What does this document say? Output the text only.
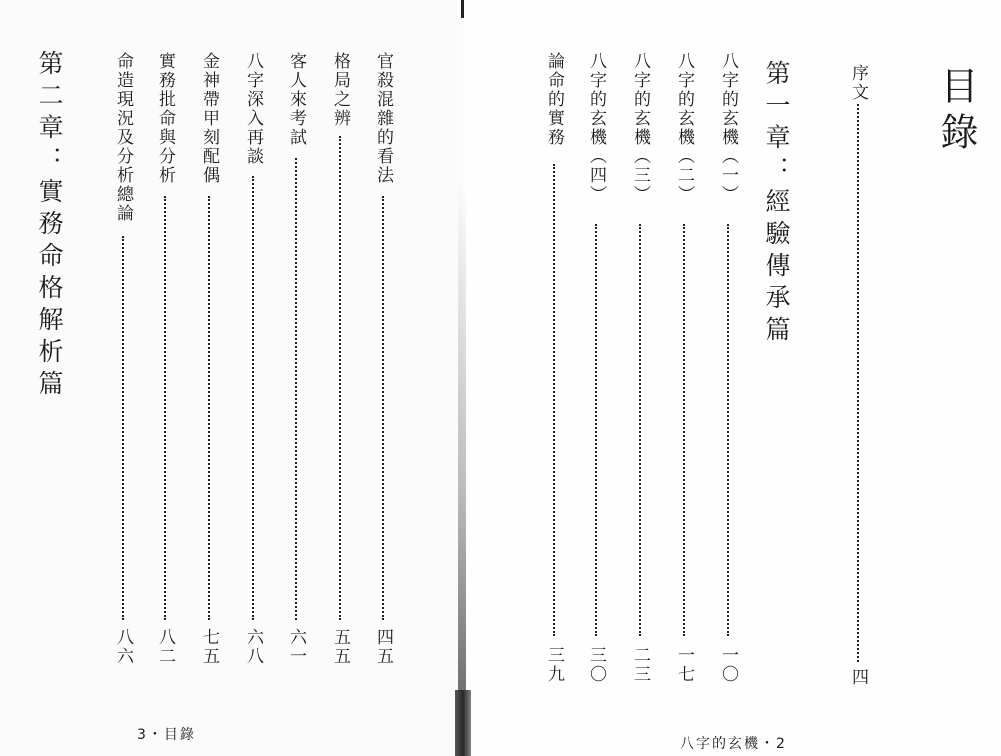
目錄
序文
四
第一章：經驗傳承篇
八字的玄機（一）
一〇
八字的玄機（二）
一七
八字的玄機（三）
二三
八字的玄機（四）
三〇
論命的實務
三九
八字的玄機・2
官殺混雜的看法
四五
格局之辨
五五
客人來考試
六一
八字深入再談
六八
金神帶甲刻配偶
七五
實務批命與分析
八二
命造現況及分析總論
八六
第二章：實務命格解析篇
3・目錄
